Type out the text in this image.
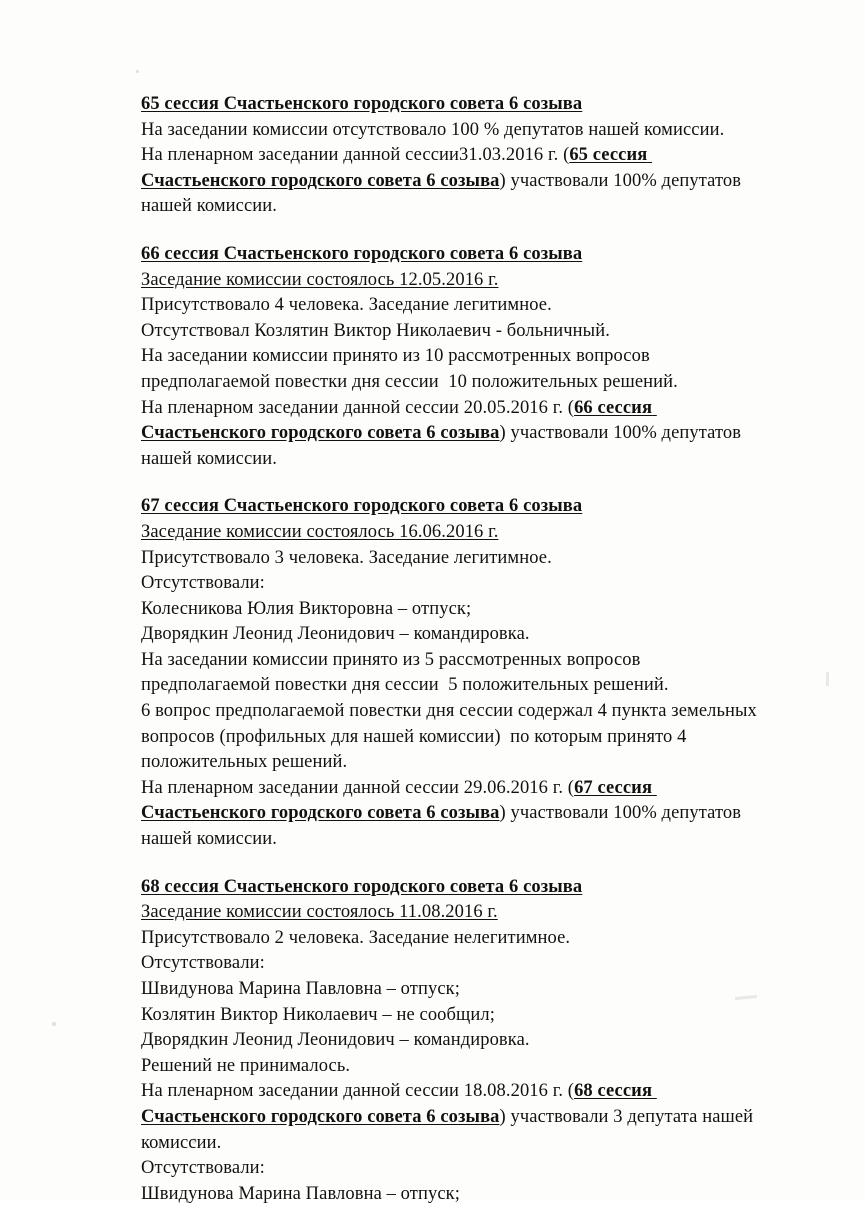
65 сессия Счастьенского городского совета 6 созыва
На заседании комиссии отсутствовало 100 % депутатов нашей комиссии.
На пленарном заседании данной сессии31.03.2016 г. (65 сессия Счастьенского городского совета 6 созыва) участвовали 100% депутатов нашей комиссии.
66 сессия Счастьенского городского совета 6 созыва
Заседание комиссии состоялось 12.05.2016 г.
Присутствовало 4 человека. Заседание легитимное.
Отсутствовал Козлятин Виктор Николаевич - больничный.
На заседании комиссии принято из 10 рассмотренных вопросов предполагаемой повестки дня сессии  10 положительных решений.
На пленарном заседании данной сессии 20.05.2016 г. (66 сессия Счастьенского городского совета 6 созыва) участвовали 100% депутатов нашей комиссии.
67 сессия Счастьенского городского совета 6 созыва
Заседание комиссии состоялось 16.06.2016 г.
Присутствовало 3 человека. Заседание легитимное.
Отсутствовали:
Колесникова Юлия Викторовна – отпуск;
Дворядкин Леонид Леонидович – командировка.
На заседании комиссии принято из 5 рассмотренных вопросов предполагаемой повестки дня сессии  5 положительных решений.
6 вопрос предполагаемой повестки дня сессии содержал 4 пункта земельных вопросов (профильных для нашей комиссии)  по которым принято 4 положительных решений.
На пленарном заседании данной сессии 29.06.2016 г. (67 сессия Счастьенского городского совета 6 созыва) участвовали 100% депутатов нашей комиссии.
68 сессия Счастьенского городского совета 6 созыва
Заседание комиссии состоялось 11.08.2016 г.
Присутствовало 2 человека. Заседание нелегитимное.
Отсутствовали:
Швидунова Марина Павловна – отпуск;
Козлятин Виктор Николаевич – не сообщил;
Дворядкин Леонид Леонидович – командировка.
Решений не принималось.
На пленарном заседании данной сессии 18.08.2016 г. (68 сессия Счастьенского городского совета 6 созыва) участвовали 3 депутата нашей комиссии.
Отсутствовали:
Швидунова Марина Павловна – отпуск;
